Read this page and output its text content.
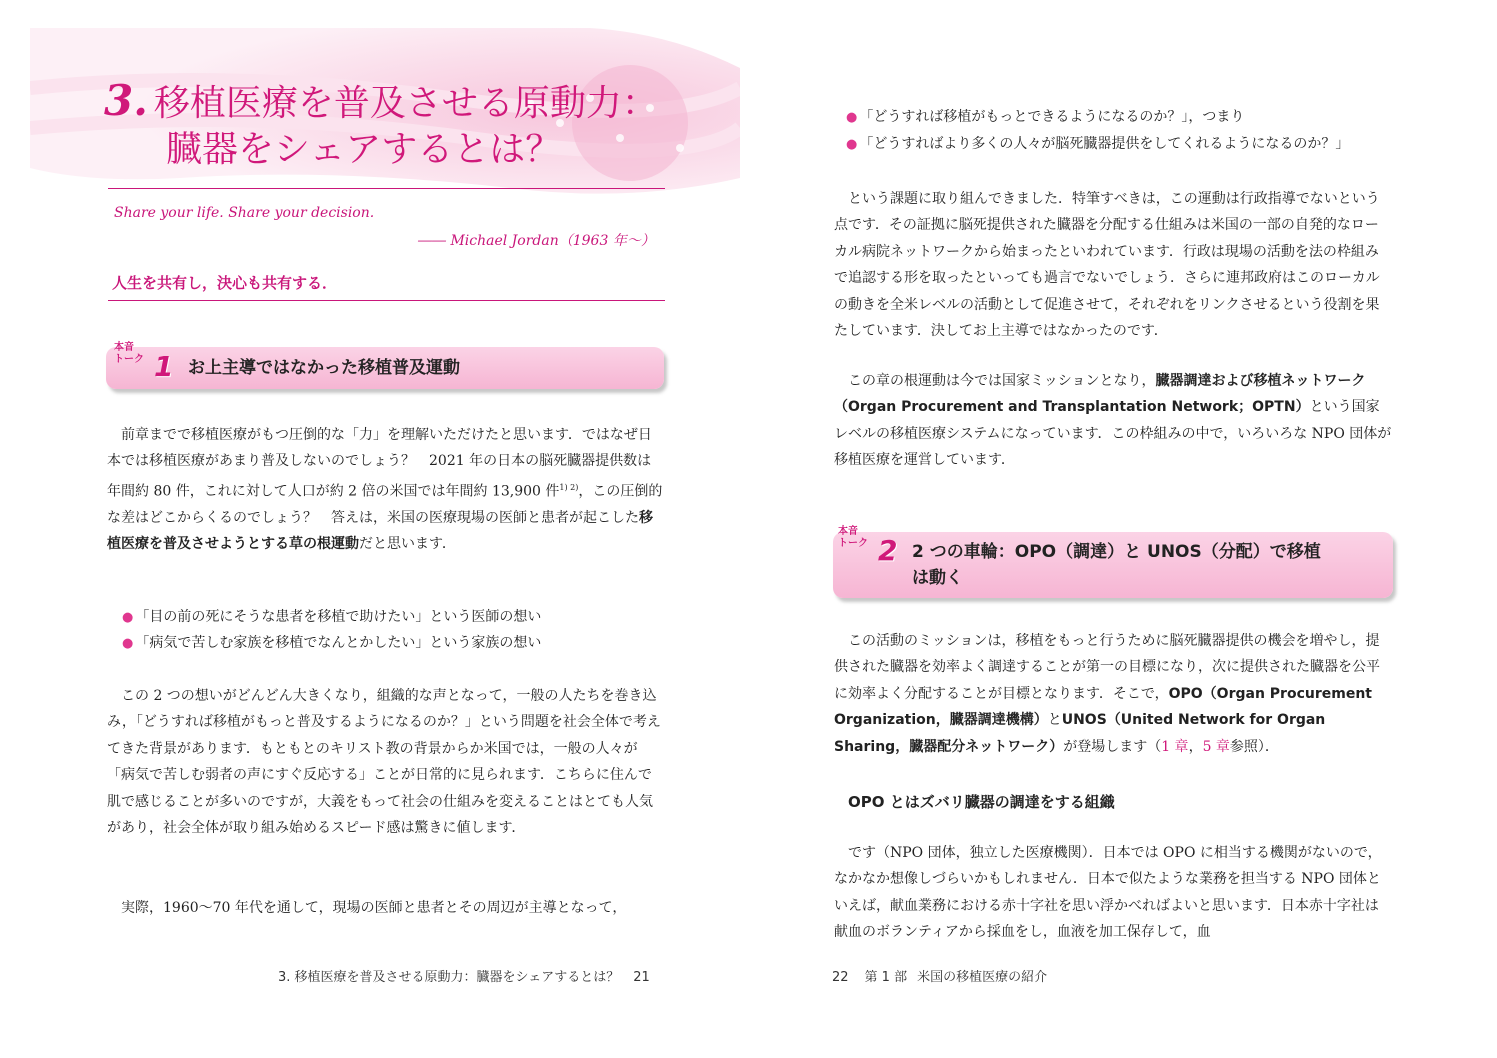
3. 移植医療を普及させる原動力：
臓器をシェアするとは？
Share your life. Share your decision.
―― Michael Jordan（1963 年～）
人生を共有し，決心も共有する．
本音
トーク 1 お上主導ではなかった移植普及運動

　前章までで移植医療がもつ圧倒的な「力」を理解いただけたと思います．ではなぜ日本では移植医療があまり普及しないのでしょう？　2021 年の日本の脳死臓器提供数は年間約 80 件，これに対して人口が約 2 倍の米国では年間約 13,900 件$^{1) 2)}$，この圧倒的な差はどこからくるのでしょう？　答えは，米国の医療現場の医師と患者が起こした移植医療を普及させようとする草の根運動だと思います．

● 「目の前の死にそうな患者を移植で助けたい」という医師の想い
● 「病気で苦しむ家族を移植でなんとかしたい」という家族の想い

　この 2 つの想いがどんどん大きくなり，組織的な声となって，一般の人たちを巻き込み，「どうすれば移植がもっと普及するようになるのか？」という問題を社会全体で考えてきた背景があります．もともとのキリスト教の背景からか米国では，一般の人々が「病気で苦しむ弱者の声にすぐ反応する」ことが日常的に見られます．こちらに住んで肌で感じることが多いのですが，大義をもって社会の仕組みを変えることはとても人気があり，社会全体が取り組み始めるスピード感は驚きに値します．

　実際，1960～70 年代を通して，現場の医師と患者とその周辺が主導となって，

3. 移植医療を普及させる原動力：臓器をシェアするとは？ 21
● 「どうすれば移植がもっとできるようになるのか？」，つまり
● 「どうすればより多くの人々が脳死臓器提供をしてくれるようになるのか？」

　という課題に取り組んできました．特筆すべきは，この運動は行政指導でないという点です．その証拠に脳死提供された臓器を分配する仕組みは米国の一部の自発的なローカル病院ネットワークから始まったといわれています．行政は現場の活動を法の枠組みで追認する形を取ったといっても過言でないでしょう．さらに連邦政府はこのローカルの動きを全米レベルの活動として促進させて，それぞれをリンクさせるという役割を果たしています．決してお上主導ではなかったのです．

　この章の根運動は今では国家ミッションとなり，臓器調達および移植ネットワーク（Organ Procurement and Transplantation Network；OPTN）という国家レベルの移植医療システムになっています．この枠組みの中で，いろいろな NPO 団体が移植医療を運営しています．

本音
トーク 2 2 つの車輪：OPO（調達）と UNOS（分配）で移植
は動く

　この活動のミッションは，移植をもっと行うために脳死臓器提供の機会を増やし，提供された臓器を効率よく調達することが第一の目標になり，次に提供された臓器を公平に効率よく分配することが目標となります．そこで，OPO（Organ Procurement Organization，臓器調達機構）とUNOS（United Network for Organ Sharing，臓器配分ネットワーク）が登場します（1 章，5 章参照）．

OPO とはズバリ臓器の調達をする組織

　です（NPO 団体，独立した医療機関）．日本では OPO に相当する機関がないので，なかなか想像しづらいかもしれません．日本で似たような業務を担当する NPO 団体といえば，献血業務における赤十字社を思い浮かべればよいと思います．日本赤十字社は献血のボランティアから採血をし，血液を加工保存して，血

22 第 1 部 米国の移植医療の紹介
